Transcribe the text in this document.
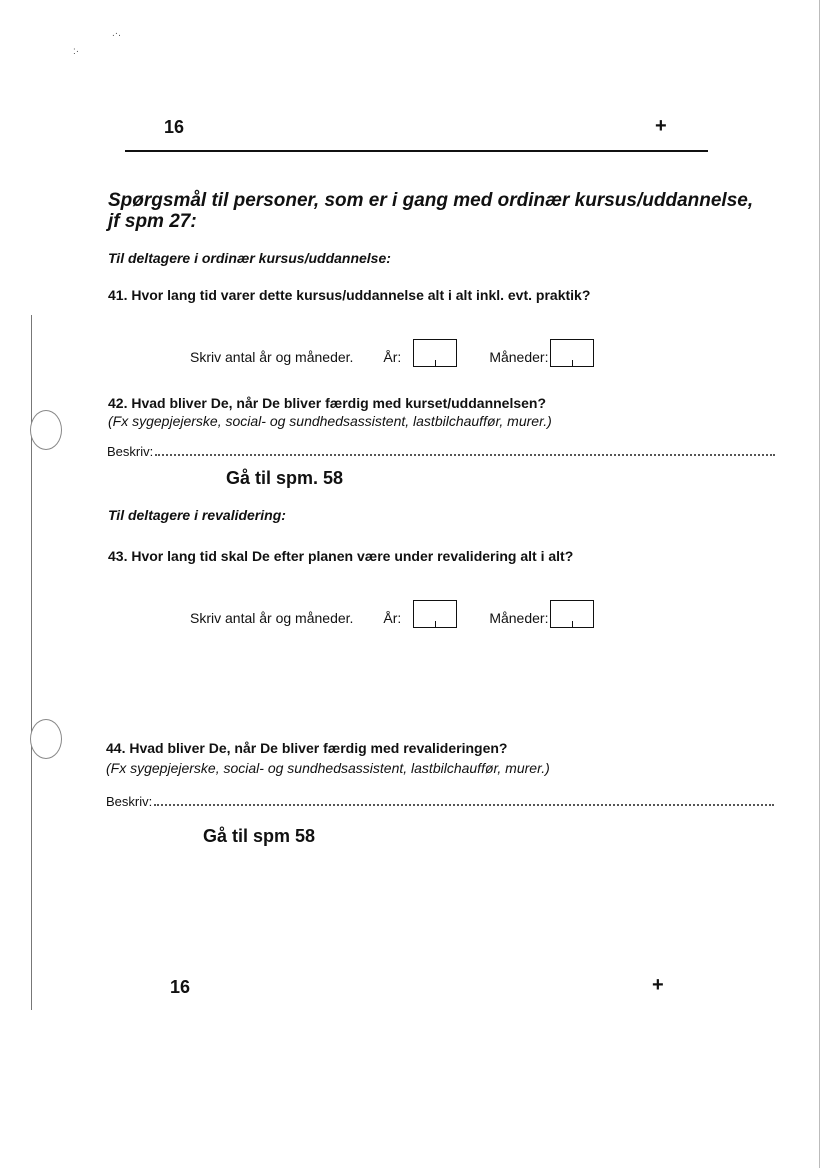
.·.
:·
16	+
Spørgsmål til personer, som er i gang med ordinær kursus/uddannelse, jf spm 27:
Til deltagere i ordinær kursus/uddannelse:
41. Hvor lang tid varer dette kursus/uddannelse alt i alt inkl. evt. praktik?
Skriv antal år og måneder. År:	Måneder:
42. Hvad bliver De, når De bliver færdig med kurset/uddannelsen?
(Fx sygepjejerske, social- og sundhedsassistent, lastbilchauffør, murer.)
Beskriv:
Gå til spm. 58
Til deltagere i revalidering:
43. Hvor lang tid skal De efter planen være under revalidering alt i alt?
Skriv antal år og måneder. År:	Måneder:
44. Hvad bliver De, når De bliver færdig med revalideringen?
(Fx sygepjejerske, social- og sundhedsassistent, lastbilchauffør, murer.)
Beskriv:
Gå til spm 58
16	+
